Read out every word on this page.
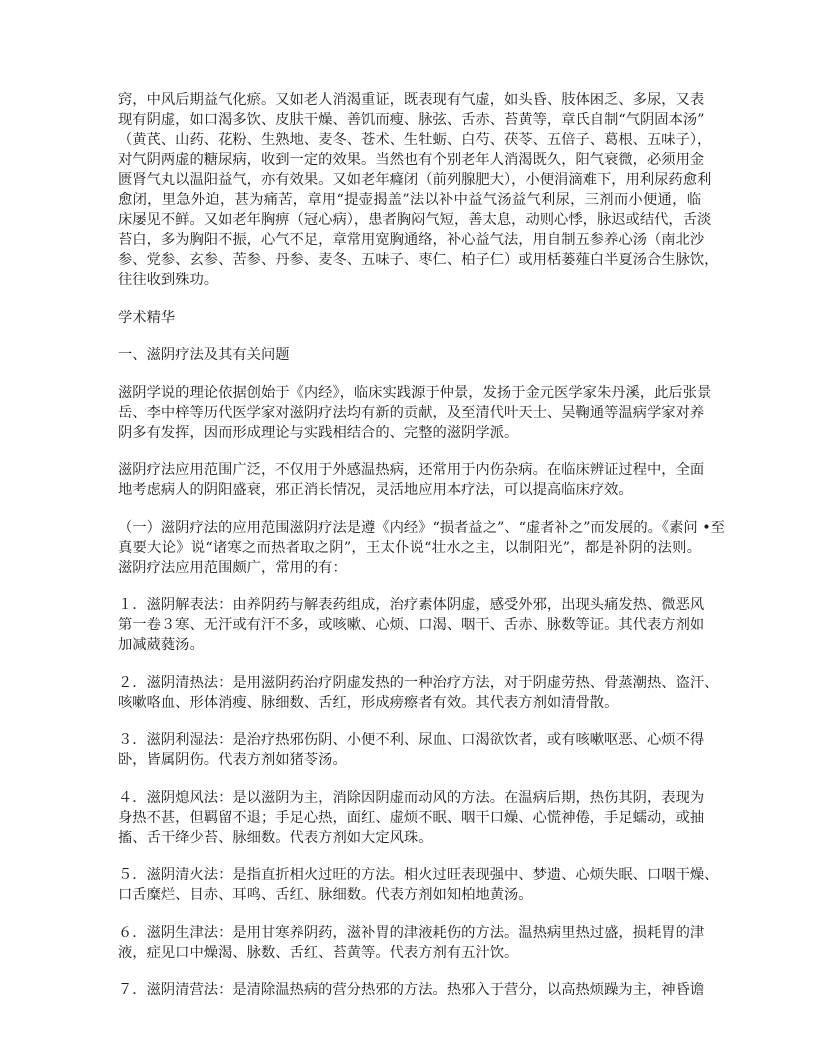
窍，中风后期益气化瘀。又如老人消渴重证，既表现有气虚，如头昏、肢体困乏、多尿，又表
现有阴虚，如口渴多饮、皮肤干燥、善饥而瘦、脉弦、舌赤、苔黄等，章氏自制“气阴固本汤”
（黄芪、山药、花粉、生熟地、麦冬、苍术、生牡蛎、白芍、茯苓、五倍子、葛根、五味子），
对气阴两虚的糖尿病，收到一定的效果。当然也有个别老年人消渴既久，阳气衰微，必须用金
匮肾气丸以温阳益气，亦有效果。又如老年癃闭（前列腺肥大），小便涓滴难下，用利尿药愈利
愈闭，里急外迫，甚为痛苦，章用“提壶揭盖”法以补中益气汤益气利尿，三剂而小便通，临
床屡见不鲜。又如老年胸痹（冠心病），患者胸闷气短，善太息，动则心悸，脉迟或结代，舌淡
苔白，多为胸阳不振，心气不足，章常用宽胸通络，补心益气法，用自制五参养心汤（南北沙
参、党参、玄参、苦参、丹参、麦冬、五味子、枣仁、柏子仁）或用栝蒌薤白半夏汤合生脉饮，
往往收到殊功。
学术精华
一、滋阴疗法及其有关问题
滋阴学说的理论依据创始于《内经》，临床实践源于仲景，发扬于金元医学家朱丹溪，此后张景
岳、李中梓等历代医学家对滋阴疗法均有新的贡献，及至清代叶天士、吴鞠通等温病学家对养
阴多有发挥，因而形成理论与实践相结合的、完整的滋阴学派。
滋阴疗法应用范围广泛，不仅用于外感温热病，还常用于内伤杂病。在临床辨证过程中，全面
地考虑病人的阴阳盛衰，邪正消长情况，灵活地应用本疗法，可以提高临床疗效。
（一）滋阴疗法的应用范围滋阴疗法是遵《内经》“损者益之”、“虚者补之”而发展的。《素问 •至
真要大论》说“诸寒之而热者取之阴”，王太仆说“壮水之主，以制阳光”，都是补阴的法则。
滋阴疗法应用范围颇广，常用的有：
１．滋阴解表法：由养阴药与解表药组成，治疗素体阴虚，感受外邪，出现头痛发热、微恶风
第一卷３寒、无汗或有汗不多，或咳嗽、心烦、口渴、咽干、舌赤、脉数等证。其代表方剂如
加减葳蕤汤。
２．滋阴清热法：是用滋阴药治疗阴虚发热的一种治疗方法，对于阴虚劳热、骨蒸潮热、盗汗、
咳嗽咯血、形体消瘦、脉细数、舌红，形成痨瘵者有效。其代表方剂如清骨散。
３．滋阴利湿法：是治疗热邪伤阴、小便不利、尿血、口渴欲饮者，或有咳嗽呕恶、心烦不得
卧，皆属阴伤。代表方剂如猪苓汤。
４．滋阴熄风法：是以滋阴为主，消除因阴虚而动风的方法。在温病后期，热伤其阴，表现为
身热不甚，但羁留不退；手足心热，面红、虚烦不眠、咽干口燥、心慌神倦，手足蠕动，或抽
搐、舌干绛少苔、脉细数。代表方剂如大定风珠。
５．滋阴清火法：是指直折相火过旺的方法。相火过旺表现强中、梦遗、心烦失眠、口咽干燥、
口舌糜烂、目赤、耳鸣、舌红、脉细数。代表方剂如知柏地黄汤。
６．滋阴生津法：是用甘寒养阴药，滋补胃的津液耗伤的方法。温热病里热过盛，损耗胃的津
液，症见口中燥渴、脉数、舌红、苔黄等。代表方剂有五汁饮。
７．滋阴清营法：是清除温热病的营分热邪的方法。热邪入于营分，以高热烦躁为主，神昏谵
